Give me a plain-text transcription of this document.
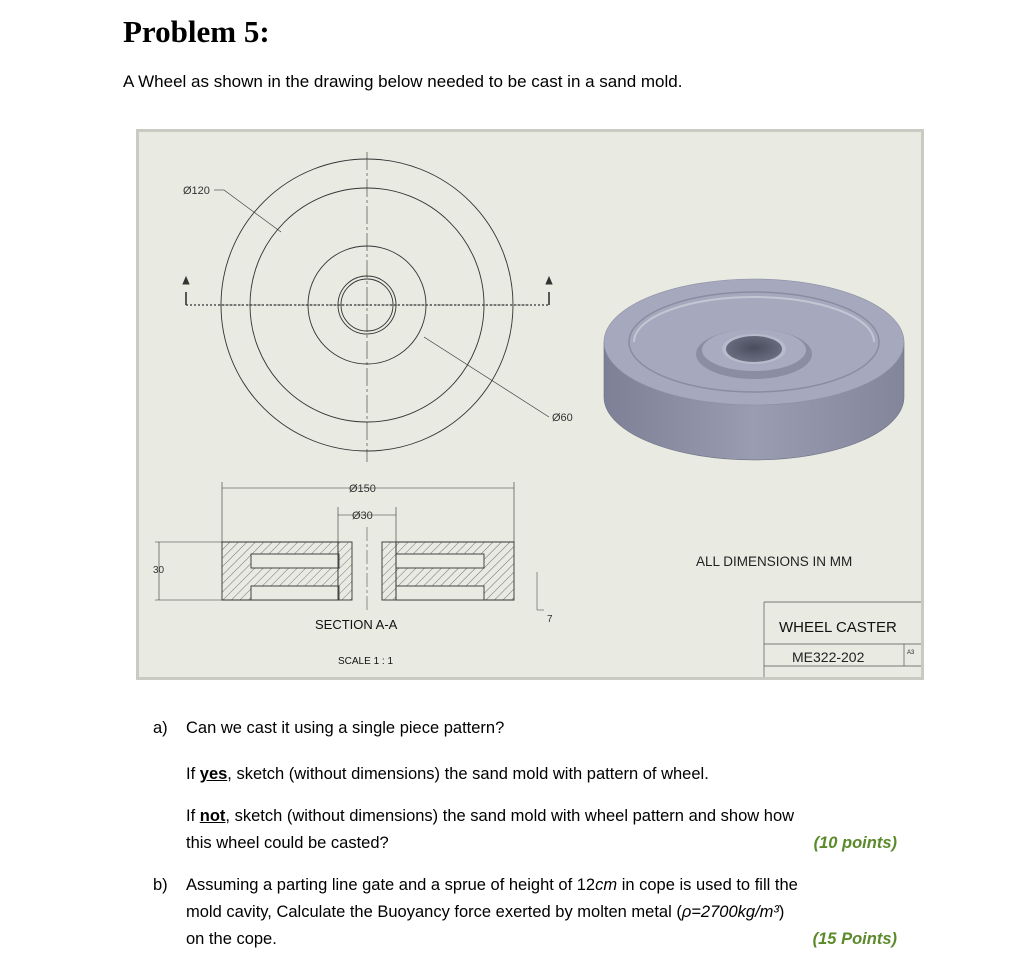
Problem 5:
A Wheel as shown in the drawing below needed to be cast in a sand mold.
Ø120
Ø60
Ø150
Ø30
30
7
SECTION A-A
SCALE 1 : 1
ALL DIMENSIONS IN MM
WHEEL CASTER
ME322-202	A3
a) Can we cast it using a single piece pattern?
If yes, sketch (without dimensions) the sand mold with pattern of wheel.
If not, sketch (without dimensions) the sand mold with wheel pattern and show how
this wheel could be casted?	(10 points)
b) Assuming a parting line gate and a sprue of height of 12cm in cope is used to fill the
mold cavity, Calculate the Buoyancy force exerted by molten metal (ρ=2700kg/m³)
on the cope.	(15 Points)
